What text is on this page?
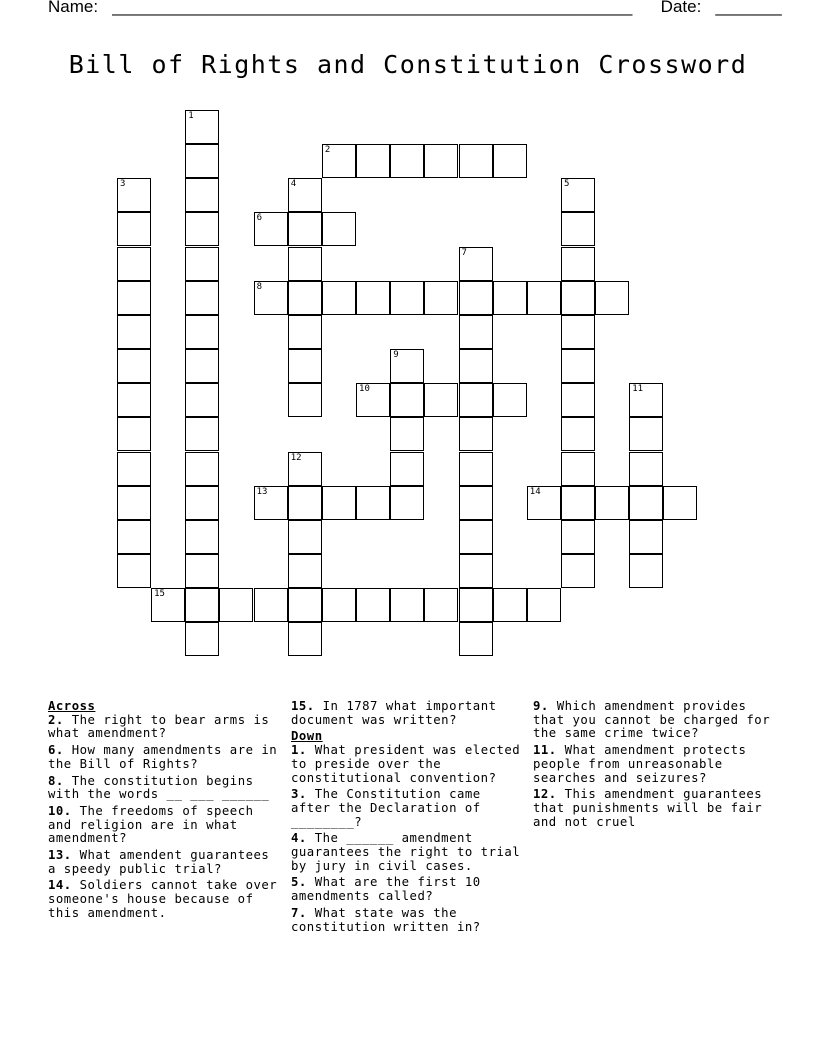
Name: _______________________________________________________ Date: _______
Bill of Rights and Constitution Crossword
1
2
3	4	5
6
7
8
9
10	11
12
13	14
15
Across
2. The right to bear arms is what amendment?
6. How many amendments are in the Bill of Rights?
8. The constitution begins with the words __ ___ ______
10. The freedoms of speech and religion are in what amendment?
13. What amendent guarantees a speedy public trial?
14. Soldiers cannot take over someone's house because of this amendment.
15. In 1787 what important document was written?
Down
1. What president was elected to preside over the constitutional convention?
3. The Constitution came after the Declaration of ________?
4. The ______ amendment guarantees the right to trial by jury in civil cases.
5. What are the first 10 amendments called?
7. What state was the constitution written in?
9. Which amendment provides that you cannot be charged for the same crime twice?
11. What amendment protects people from unreasonable searches and seizures?
12. This amendment guarantees that punishments will be fair and not cruel
